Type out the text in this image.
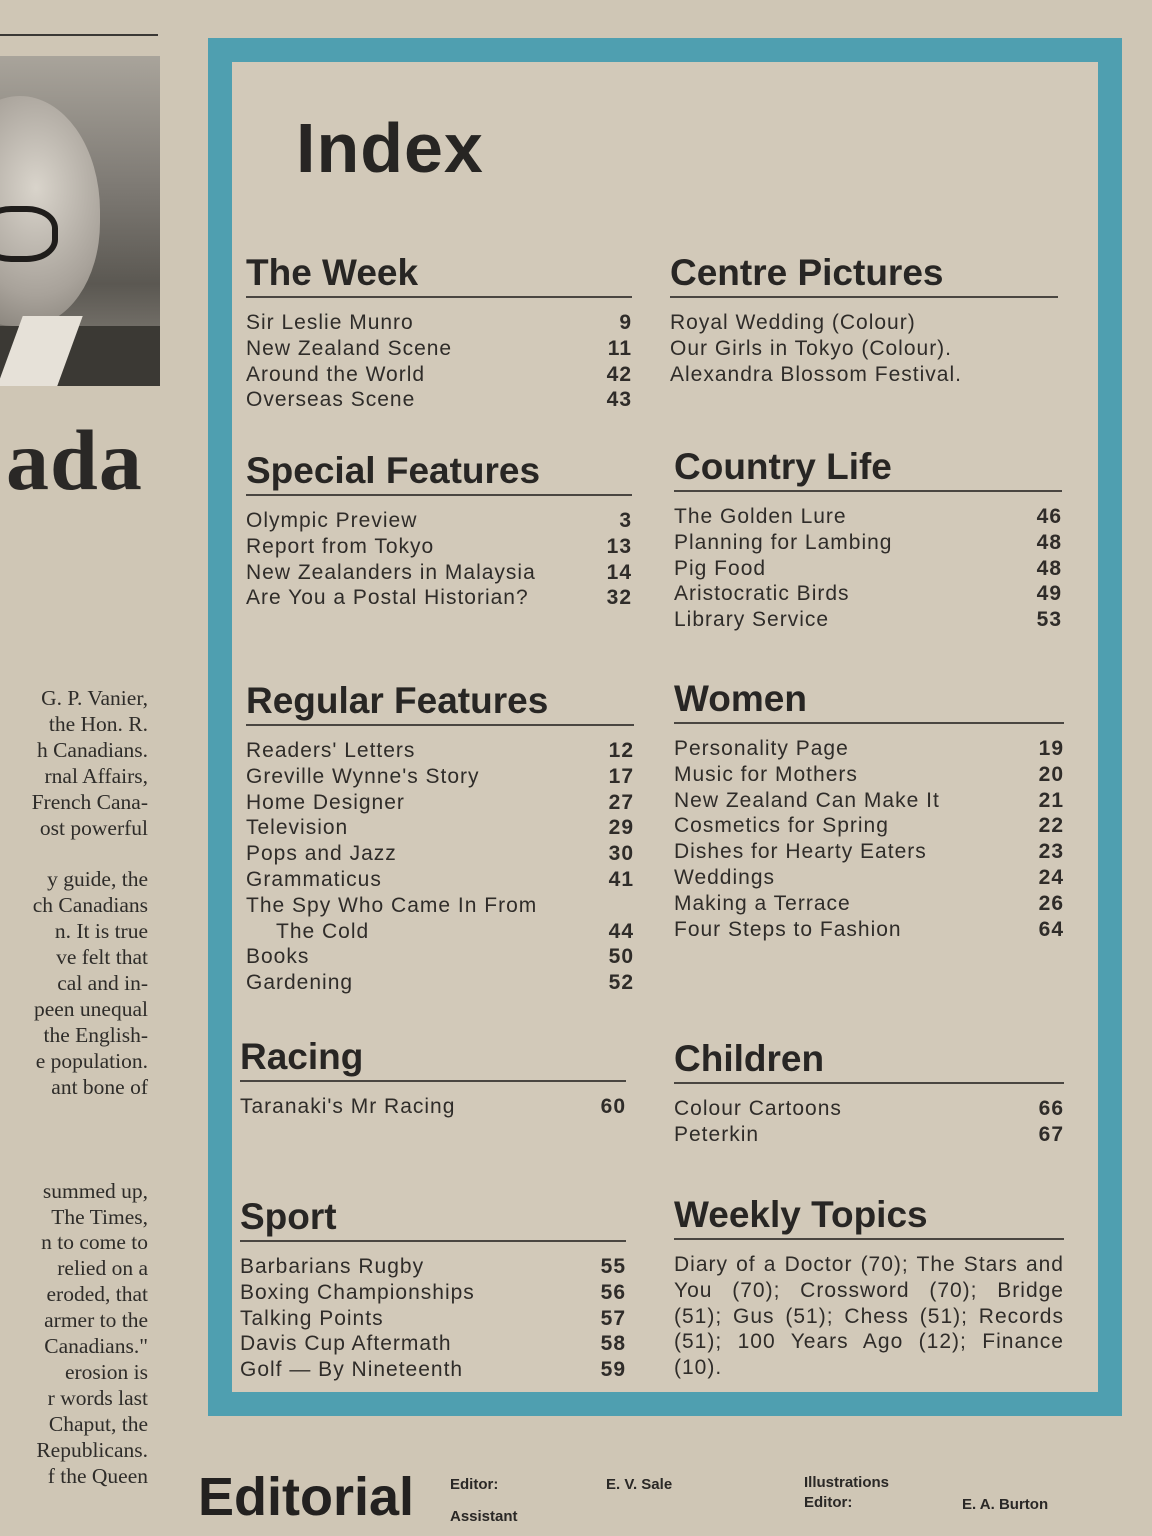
ada
G. P. Vanier,
the Hon. R.
h Canadians.
rnal Affairs,
French Cana-
ost powerful
y guide, the
ch Canadians
n. It is true
ve felt that
cal and in-
peen unequal
the English-
e population.
ant bone of
summed up,
The Times,
n to come to
relied on a
eroded, that
armer to the
Canadians."
erosion is
r words last
Chaput, the
Republicans.
f the Queen
Index
The Week
Sir Leslie Munro	9
New Zealand Scene	11
Around the World	42
Overseas Scene	43
Centre Pictures
Royal Wedding (Colour)
Our Girls in Tokyo (Colour).
Alexandra Blossom Festival.
Special Features
Olympic Preview	3
Report from Tokyo	13
New Zealanders in Malaysia	14
Are You a Postal Historian?	32
Country Life
The Golden Lure	46
Planning for Lambing	48
Pig Food	48
Aristocratic Birds	49
Library Service	53
Regular Features
Readers' Letters	12
Greville Wynne's Story	17
Home Designer	27
Television	29
Pops and Jazz	30
Grammaticus	41
The Spy Who Came In From
The Cold	44
Books	50
Gardening	52
Women
Personality Page	19
Music for Mothers	20
New Zealand Can Make It	21
Cosmetics for Spring	22
Dishes for Hearty Eaters	23
Weddings	24
Making a Terrace	26
Four Steps to Fashion	64
Racing
Taranaki's Mr Racing	60
Children
Colour Cartoons	66
Peterkin	67
Sport
Barbarians Rugby	55
Boxing Championships	56
Talking Points	57
Davis Cup Aftermath	58
Golf — By Nineteenth	59
Weekly Topics
Diary of a Doctor (70); The Stars and You (70); Crossword (70); Bridge (51); Gus (51); Chess (51); Records (51); 100 Years Ago (12); Finance (10).
Editorial Editor:	E. V. Sale
Assistant
Illustrations
Editor:	E. A. Burton
